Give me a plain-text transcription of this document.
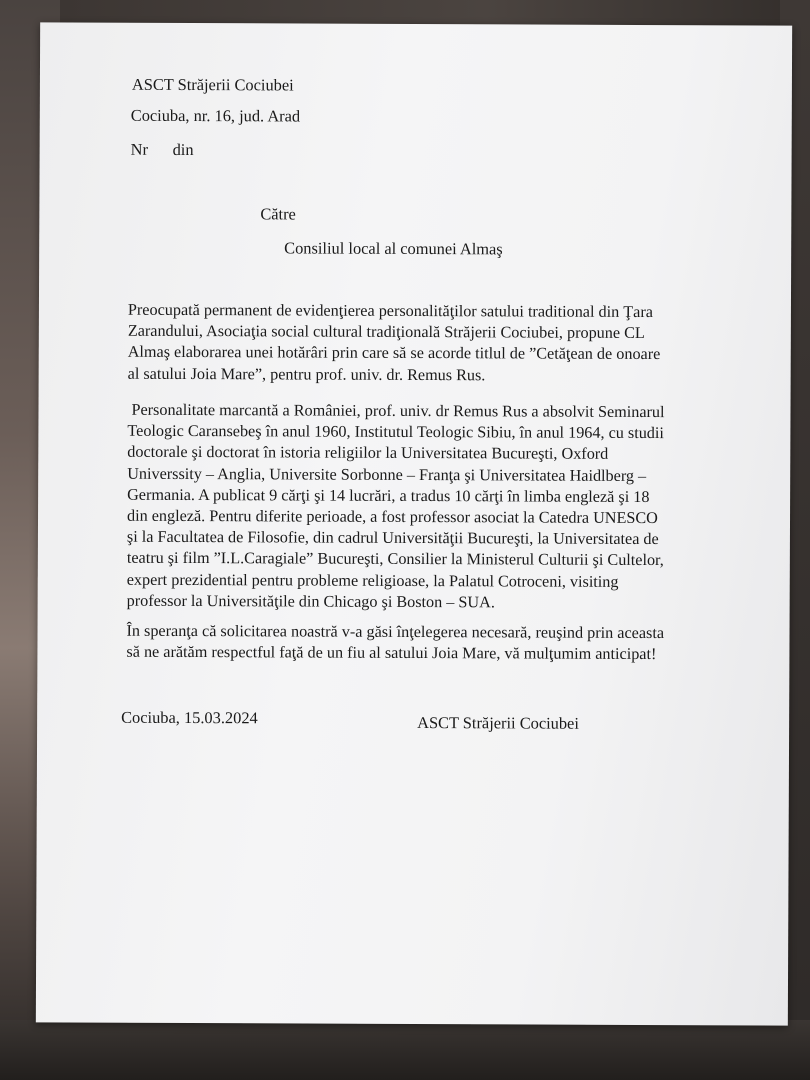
ASCT Străjerii Cociubei
Cociuba, nr. 16, jud. Arad
Nr din
Către
Consiliul local al comunei Almaş
Preocupată permanent de evidenţierea personalităţilor satului traditional din Ţara
Zarandului, Asociaţia social cultural tradiţională Străjerii Cociubei, propune CL
Almaş elaborarea unei hotărâri prin care să se acorde titlul de ”Cetăţean de onoare
al satului Joia Mare”, pentru prof. univ. dr. Remus Rus.
Personalitate marcantă a României, prof. univ. dr Remus Rus a absolvit Seminarul
Teologic Caransebeş în anul 1960, Institutul Teologic Sibiu, în anul 1964, cu studii
doctorale şi doctorat în istoria religiilor la Universitatea Bucureşti, Oxford
Universsity – Anglia, Universite Sorbonne – Franţa şi Universitatea Haidlberg –
Germania. A publicat 9 cărţi şi 14 lucrări, a tradus 10 cărţi în limba engleză şi 18
din engleză. Pentru diferite perioade, a fost professor asociat la Catedra UNESCO
şi la Facultatea de Filosofie, din cadrul Universităţii Bucureşti, la Universitatea de
teatru şi film ”I.L.Caragiale” Bucureşti, Consilier la Ministerul Culturii şi Cultelor,
expert prezidential pentru probleme religioase, la Palatul Cotroceni, visiting
professor la Universităţile din Chicago şi Boston – SUA.
În speranţa că solicitarea noastră v-a găsi înţelegerea necesară, reuşind prin aceasta
să ne arătăm respectful faţă de un fiu al satului Joia Mare, vă mulţumim anticipat!
Cociuba, 15.03.2024	ASCT Străjerii Cociubei
